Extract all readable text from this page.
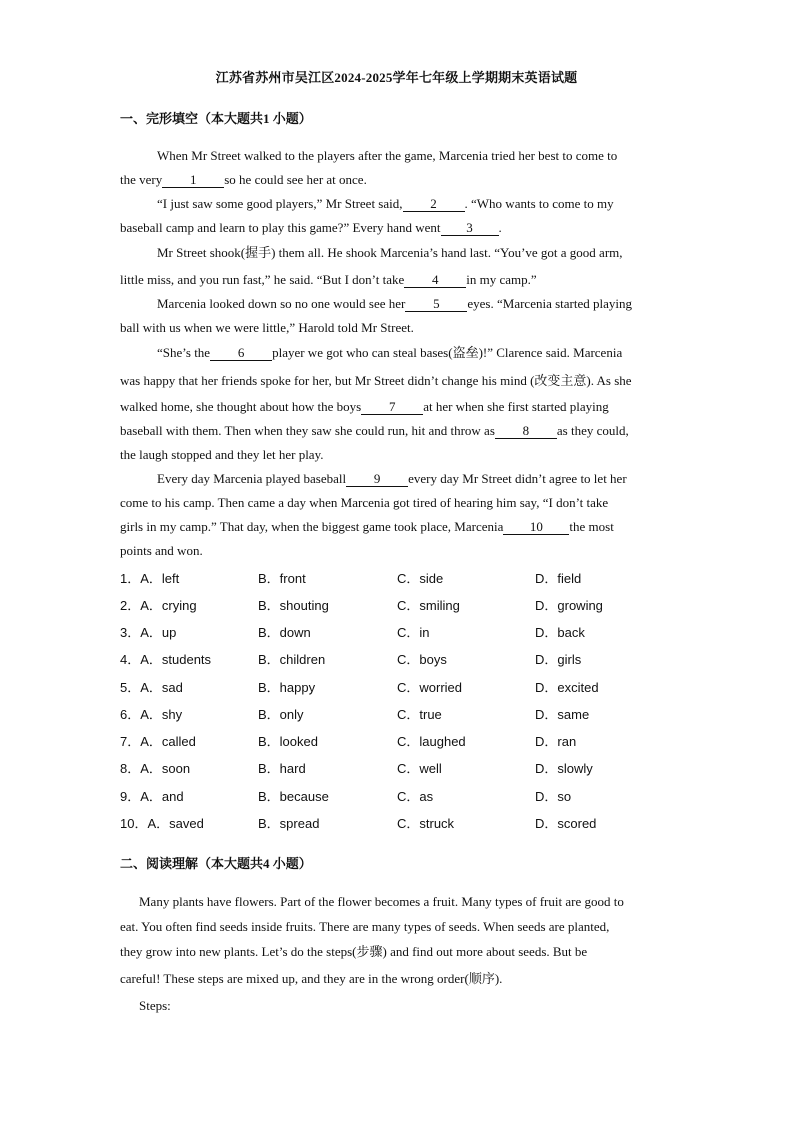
江苏省苏州市吴江区2024-2025学年七年级上学期期末英语试题
一、完形填空（本大题共1 小题）
When Mr Street walked to the players after the game, Marcenia tried her best to come to
the very 1 so he could see her at once.
“I just saw some good players,” Mr Street said, 2 . “Who wants to come to my
baseball camp and learn to play this game?” Every hand went 3 .
Mr Street shook(握手) them all. He shook Marcenia’s hand last. “You’ve got a good arm,
little miss, and you run fast,” he said. “But I don’t take 4 in my camp.”
Marcenia looked down so no one would see her 5 eyes. “Marcenia started playing
ball with us when we were little,” Harold told Mr Street.
“She’s the 6 player we got who can steal bases(盗垒)!” Clarence said. Marcenia
was happy that her friends spoke for her, but Mr Street didn’t change his mind (改变主意). As she
walked home, she thought about how the boys 7 at her when she first started playing
baseball with them. Then when they saw she could run, hit and throw as 8 as they could,
the laugh stopped and they let her play.
Every day Marcenia played baseball 9 every day Mr Street didn’t agree to let her
come to his camp. Then came a day when Marcenia got tired of hearing him say, “I don’t take
girls in my camp.” That day, when the biggest game took place, Marcenia 10 the most
points and won.
1．A．left	B．front	C．side	D．field
2．A．crying	B．shouting	C．smiling	D．growing
3．A．up	B．down	C．in	D．back
4．A．students	B．children	C．boys	D．girls
5．A．sad	B．happy	C．worried	D．excited
6．A．shy	B．only	C．true	D．same
7．A．called	B．looked	C．laughed	D．ran
8．A．soon	B．hard	C．well	D．slowly
9．A．and	B．because	C．as	D．so
10．A．saved	B．spread	C．struck	D．scored
二、阅读理解（本大题共4 小题）
Many plants have flowers. Part of the flower becomes a fruit. Many types of fruit are good to
eat. You often find seeds inside fruits. There are many types of seeds. When seeds are planted,
they grow into new plants. Let’s do the steps(步骤) and find out more about seeds. But be
careful! These steps are mixed up, and they are in the wrong order(顺序).
Steps:
